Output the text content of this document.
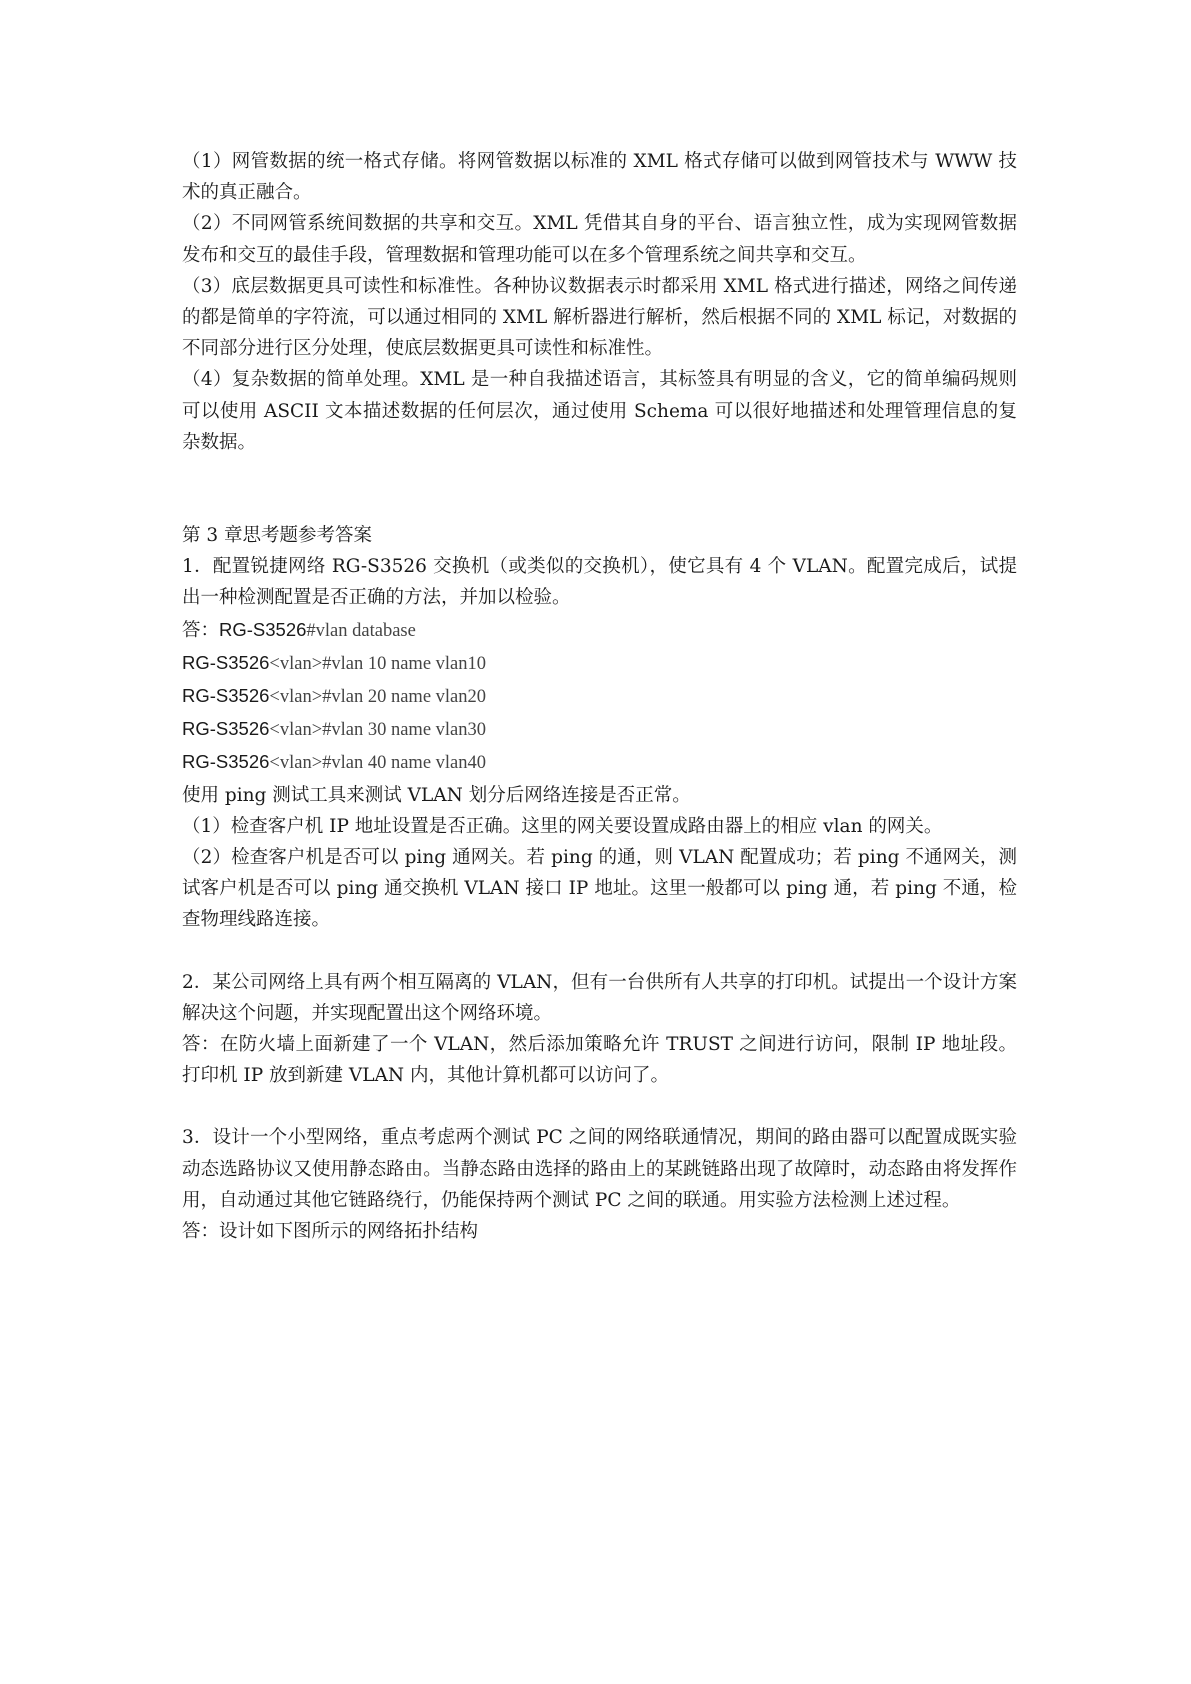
（1）网管数据的统一格式存储。将网管数据以标准的 XML 格式存储可以做到网管技术与 WWW 技术的真正融合。

（2）不同网管系统间数据的共享和交互。XML 凭借其自身的平台、语言独立性，成为实现网管数据发布和交互的最佳手段，管理数据和管理功能可以在多个管理系统之间共享和交互。

（3）底层数据更具可读性和标准性。各种协议数据表示时都采用 XML 格式进行描述，网络之间传递的都是简单的字符流，可以通过相同的 XML 解析器进行解析，然后根据不同的 XML 标记，对数据的不同部分进行区分处理，使底层数据更具可读性和标准性。

（4）复杂数据的简单处理。XML 是一种自我描述语言，其标签具有明显的含义，它的简单编码规则可以使用 ASCII 文本描述数据的任何层次，通过使用 Schema 可以很好地描述和处理管理信息的复杂数据。

第 3 章思考题参考答案

1．配置锐捷网络 RG-S3526 交换机（或类似的交换机），使它具有 4 个 VLAN。配置完成后，试提出一种检测配置是否正确的方法，并加以检验。

答：RG-S3526#vlan database

RG-S3526<vlan>#vlan 10 name vlan10

RG-S3526<vlan>#vlan 20 name vlan20

RG-S3526<vlan>#vlan 30 name vlan30

RG-S3526<vlan>#vlan 40 name vlan40

使用 ping 测试工具来测试 VLAN 划分后网络连接是否正常。

（1）检查客户机 IP 地址设置是否正确。这里的网关要设置成路由器上的相应 vlan 的网关。

（2）检查客户机是否可以 ping 通网关。若 ping 的通，则 VLAN 配置成功；若 ping 不通网关，测试客户机是否可以 ping 通交换机 VLAN 接口 IP 地址。这里一般都可以 ping 通，若 ping 不通，检查物理线路连接。

2．某公司网络上具有两个相互隔离的 VLAN，但有一台供所有人共享的打印机。试提出一个设计方案解决这个问题，并实现配置出这个网络环境。

答：在防火墙上面新建了一个 VLAN，然后添加策略允许 TRUST 之间进行访问，限制 IP 地址段。打印机 IP 放到新建 VLAN 内，其他计算机都可以访问了。

3．设计一个小型网络，重点考虑两个测试 PC 之间的网络联通情况，期间的路由器可以配置成既实验动态选路协议又使用静态路由。当静态路由选择的路由上的某跳链路出现了故障时，动态路由将发挥作用，自动通过其他它链路绕行，仍能保持两个测试 PC 之间的联通。用实验方法检测上述过程。

答：设计如下图所示的网络拓扑结构
